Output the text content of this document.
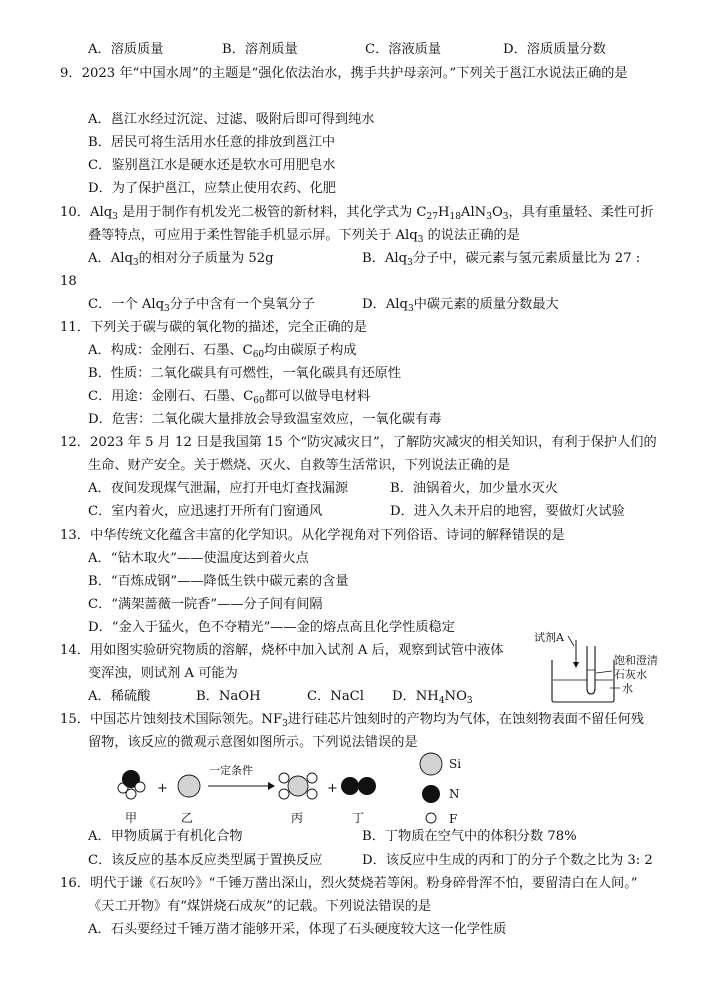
A．溶质质量	B．溶剂质量	C．溶液质量	D．溶质质量分数
9．2023 年“中国水周”的主题是“强化依法治水，携手共护母亲河。”下列关于邕江水说法正确的是
A．邕江水经过沉淀、过滤、吸附后即可得到纯水
B．居民可将生活用水任意的排放到邕江中
C．鉴别邕江水是硬水还是软水可用肥皂水
D．为了保护邕江，应禁止使用农药、化肥
10．Alq$_3$ 是用于制作有机发光二极管的新材料，其化学式为 $C_{27}H_{18}AlN_3O_3$，具有重量轻、柔性可折
叠等特点，可应用于柔性智能手机显示屏。下列关于 Alq$_3$ 的说法正确的是
A．Alq$_3$的相对分子质量为 52g	B．Alq$_3$分子中，碳元素与氢元素质量比为 27 :
18
C．一个 Alq$_3$分子中含有一个臭氧分子	D．Alq$_3$中碳元素的质量分数最大
11．下列关于碳与碳的氧化物的描述，完全正确的是
A．构成：金刚石、石墨、$C_{60}$均由碳原子构成
B．性质：二氧化碳具有可燃性，一氧化碳具有还原性
C．用途：金刚石、石墨、$C_{60}$都可以做导电材料
D．危害：二氧化碳大量排放会导致温室效应，一氧化碳有毒
12．2023 年 5 月 12 日是我国第 15 个“防灾减灾日”，了解防灾减灾的相关知识，有利于保护人们的
生命、财产安全。关于燃烧、灭火、自救等生活常识，下列说法正确的是
A．夜间发现煤气泄漏，应打开电灯查找漏源	B．油锅着火，加少量水灭火
C．室内着火，应迅速打开所有门窗通风	D．进入久未开启的地窖，要做灯火试验
13．中华传统文化蕴含丰富的化学知识。从化学视角对下列俗语、诗词的解释错误的是
A．“钻木取火”——使温度达到着火点
B．“百炼成钢”——降低生铁中碳元素的含量
C．“满架蔷薇一院香”——分子间有间隔
D．“金入于猛火，色不夺精光”——金的熔点高且化学性质稳定
14．用如图实验研究物质的溶解，烧杯中加入试剂 A 后，观察到试管中液体
变浑浊，则试剂 A 可能为
A．稀硫酸	B．NaOH	C．NaCl D．$NH_4NO_3$
试剂A
饱和澄清
石灰水
水
15．中国芯片蚀刻技术国际领先。$NF_3$进行硅芯片蚀刻时的产物均为气体，在蚀刻物表面不留任何残
留物，该反应的微观示意图如图所示。下列说法错误的是
+
一定条件
+
甲	乙	丙	丁
Si
N
F
A．甲物质属于有机化合物	B．丁物质在空气中的体积分数 78%
C．该反应的基本反应类型属于置换反应	D．该反应中生成的丙和丁的分子个数之比为 3: 2
16．明代于谦《石灰吟》“千锤万凿出深山，烈火焚烧若等闲。粉身碎骨浑不怕，要留清白在人间。”
《天工开物》有“煤饼烧石成灰”的记载。下列说法错误的是
A．石头要经过千锤万凿才能够开采，体现了石头硬度较大这一化学性质
